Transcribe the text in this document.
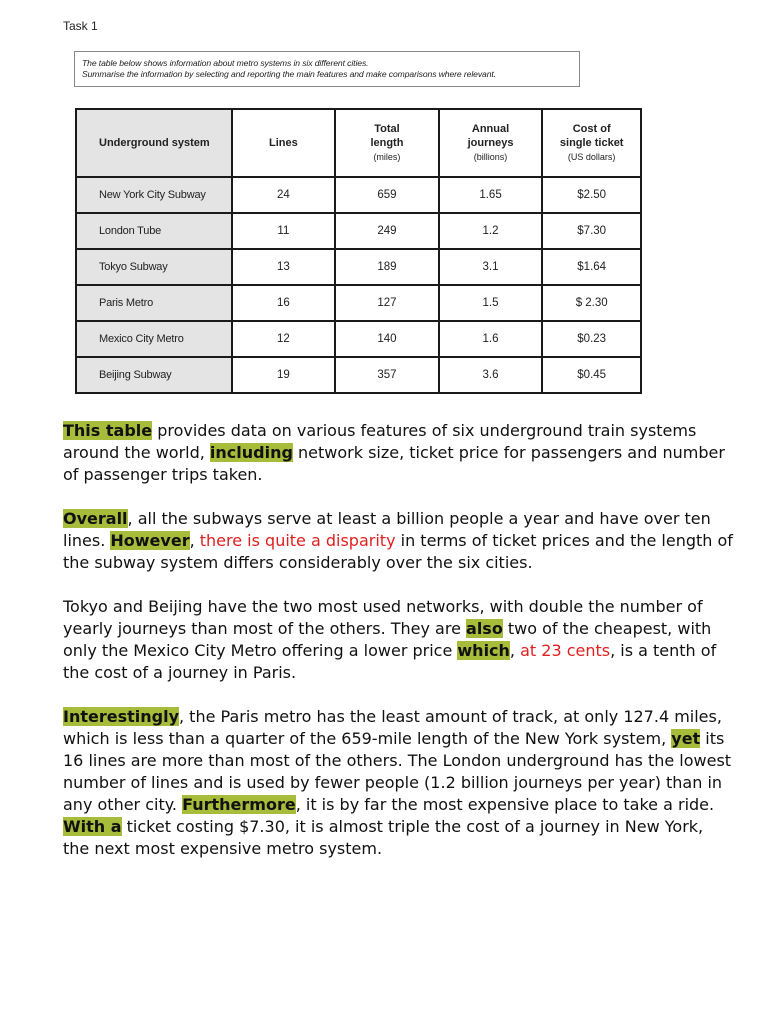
Task 1
The table below shows information about metro systems in six different cities.
Summarise the information by selecting and reporting the main features and make comparisons where relevant.
Underground system	Lines	Total
length
(miles)	Annual
journeys
(billions)	Cost of
single ticket
(US dollars)

New York City Subway	24	659	1.65	$2.50
London Tube	11	249	1.2	$7.30
Tokyo Subway	13	189	3.1	$1.64
Paris Metro	16	127	1.5	$ 2.30
Mexico City Metro	12	140	1.6	$0.23
Beijing Subway	19	357	3.6	$0.45

This table provides data on various features of six underground train systems around the world, including network size, ticket price for passengers and number of passenger trips taken.

Overall, all the subways serve at least a billion people a year and have over ten lines. However, there is quite a disparity in terms of ticket prices and the length of the subway system differs considerably over the six cities.

Tokyo and Beijing have the two most used networks, with double the number of yearly journeys than most of the others. They are also two of the cheapest, with only the Mexico City Metro offering a lower price which, at 23 cents, is a tenth of the cost of a journey in Paris.

Interestingly, the Paris metro has the least amount of track, at only 127.4 miles, which is less than a quarter of the 659-mile length of the New York system, yet its 16 lines are more than most of the others. The London underground has the lowest number of lines and is used by fewer people (1.2 billion journeys per year) than in any other city. Furthermore, it is by far the most expensive place to take a ride. With a ticket costing $7.30, it is almost triple the cost of a journey in New York, the next most expensive metro system.
